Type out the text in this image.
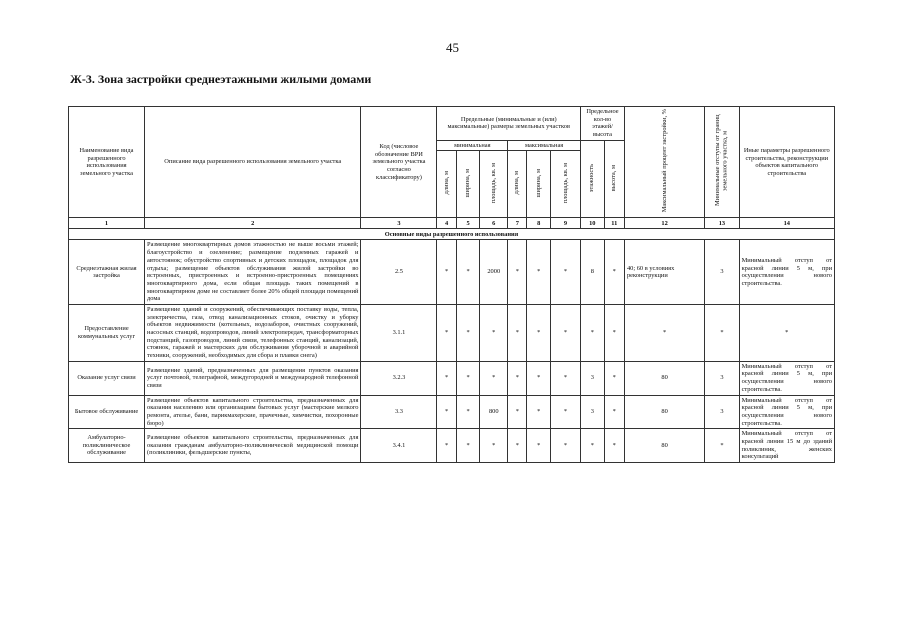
45
Ж-3. Зона застройки среднеэтажными жилыми домами
Наименование вида разрешенного использования земельного участка	Описание вида разрешенного использования земельного участка	Код (числовое обозначение ВРИ земельного участка согласно классификатору)	Предельные (минимальные и (или) максимальные) размеры земельных участков						Предельное кол-во этажей/ высота		Максимальный процент застройки, %	Минимальные отступы от границ земельного участка, м	Иные параметры разрешенного строительства, реконструкции объектов капитального строительства
			минимальная			максимальная			этажность	высота, м			
			длина, м	ширина, м	площадь, кв. м	длина, м	ширина, м	площадь, кв. м					
1	2	3	4	5	6	7	8	9	10	11	12	13	14
Основные виды разрешенного использования													
Среднеэтажная жилая застройка	Размещение многоквартирных домов этажностью не выше восьми этажей; благоустройство и озеленение; размещение подземных гаражей и автостоянок; обустройство спортивных и детских площадок, площадок для отдыха; размещение объектов обслуживания жилой застройки во встроенных, пристроенных и встроенно-пристроенных помещениях многоквартирного дома, если общая площадь таких помещений в многоквартирном доме не составляет более 20% общей площади помещений дома	2.5	*	*	2000	*	*	*	8	*	40; 60 в условиях реконструкции	3	Минимальный отступ от красной линии 5 м, при осуществлении нового строительства.
Предоставление коммунальных услуг	Размещение зданий и сооружений, обеспечивающих поставку воды, тепла, электричества, газа, отвод канализационных стоков, очистку и уборку объектов недвижимости (котельных, водозаборов, очистных сооружений, насосных станций, водопроводов, линий электропередач, трансформаторных подстанций, газопроводов, линий связи, телефонных станций, канализаций, стоянок, гаражей и мастерских для обслуживания уборочной и аварийной техники, сооружений, необходимых для сбора и плавки снега)	3.1.1	*	*	*	*	*	*	*	*	*	*	*
Оказание услуг связи	Размещение зданий, предназначенных для размещения пунктов оказания услуг почтовой, телеграфной, междугородней и международной телефонной связи	3.2.3	*	*	*	*	*	*	3	*	80	3	Минимальный отступ от красной линии 5 м, при осуществлении нового строительства.
Бытовое обслуживание	Размещение объектов капитального строительства, предназначенных для оказания населению или организациям бытовых услуг (мастерские мелкого ремонта, ателье, бани, парикмахерские, прачечные, химчистки, похоронные бюро)	3.3	*	*	800	*	*	*	3	*	80	3	Минимальный отступ от красной линии 5 м, при осуществлении нового строительства.
Амбулаторно-поликлиническое обслуживание	Размещение объектов капитального строительства, предназначенных для оказания гражданам амбулаторно-поликлинической медицинской помощи (поликлиники, фельдшерские пункты,	3.4.1	*	*	*	*	*	*	*	*	80	*	Минимальный отступ от красной линии 15 м до зданий поликлиник, женских консультаций
